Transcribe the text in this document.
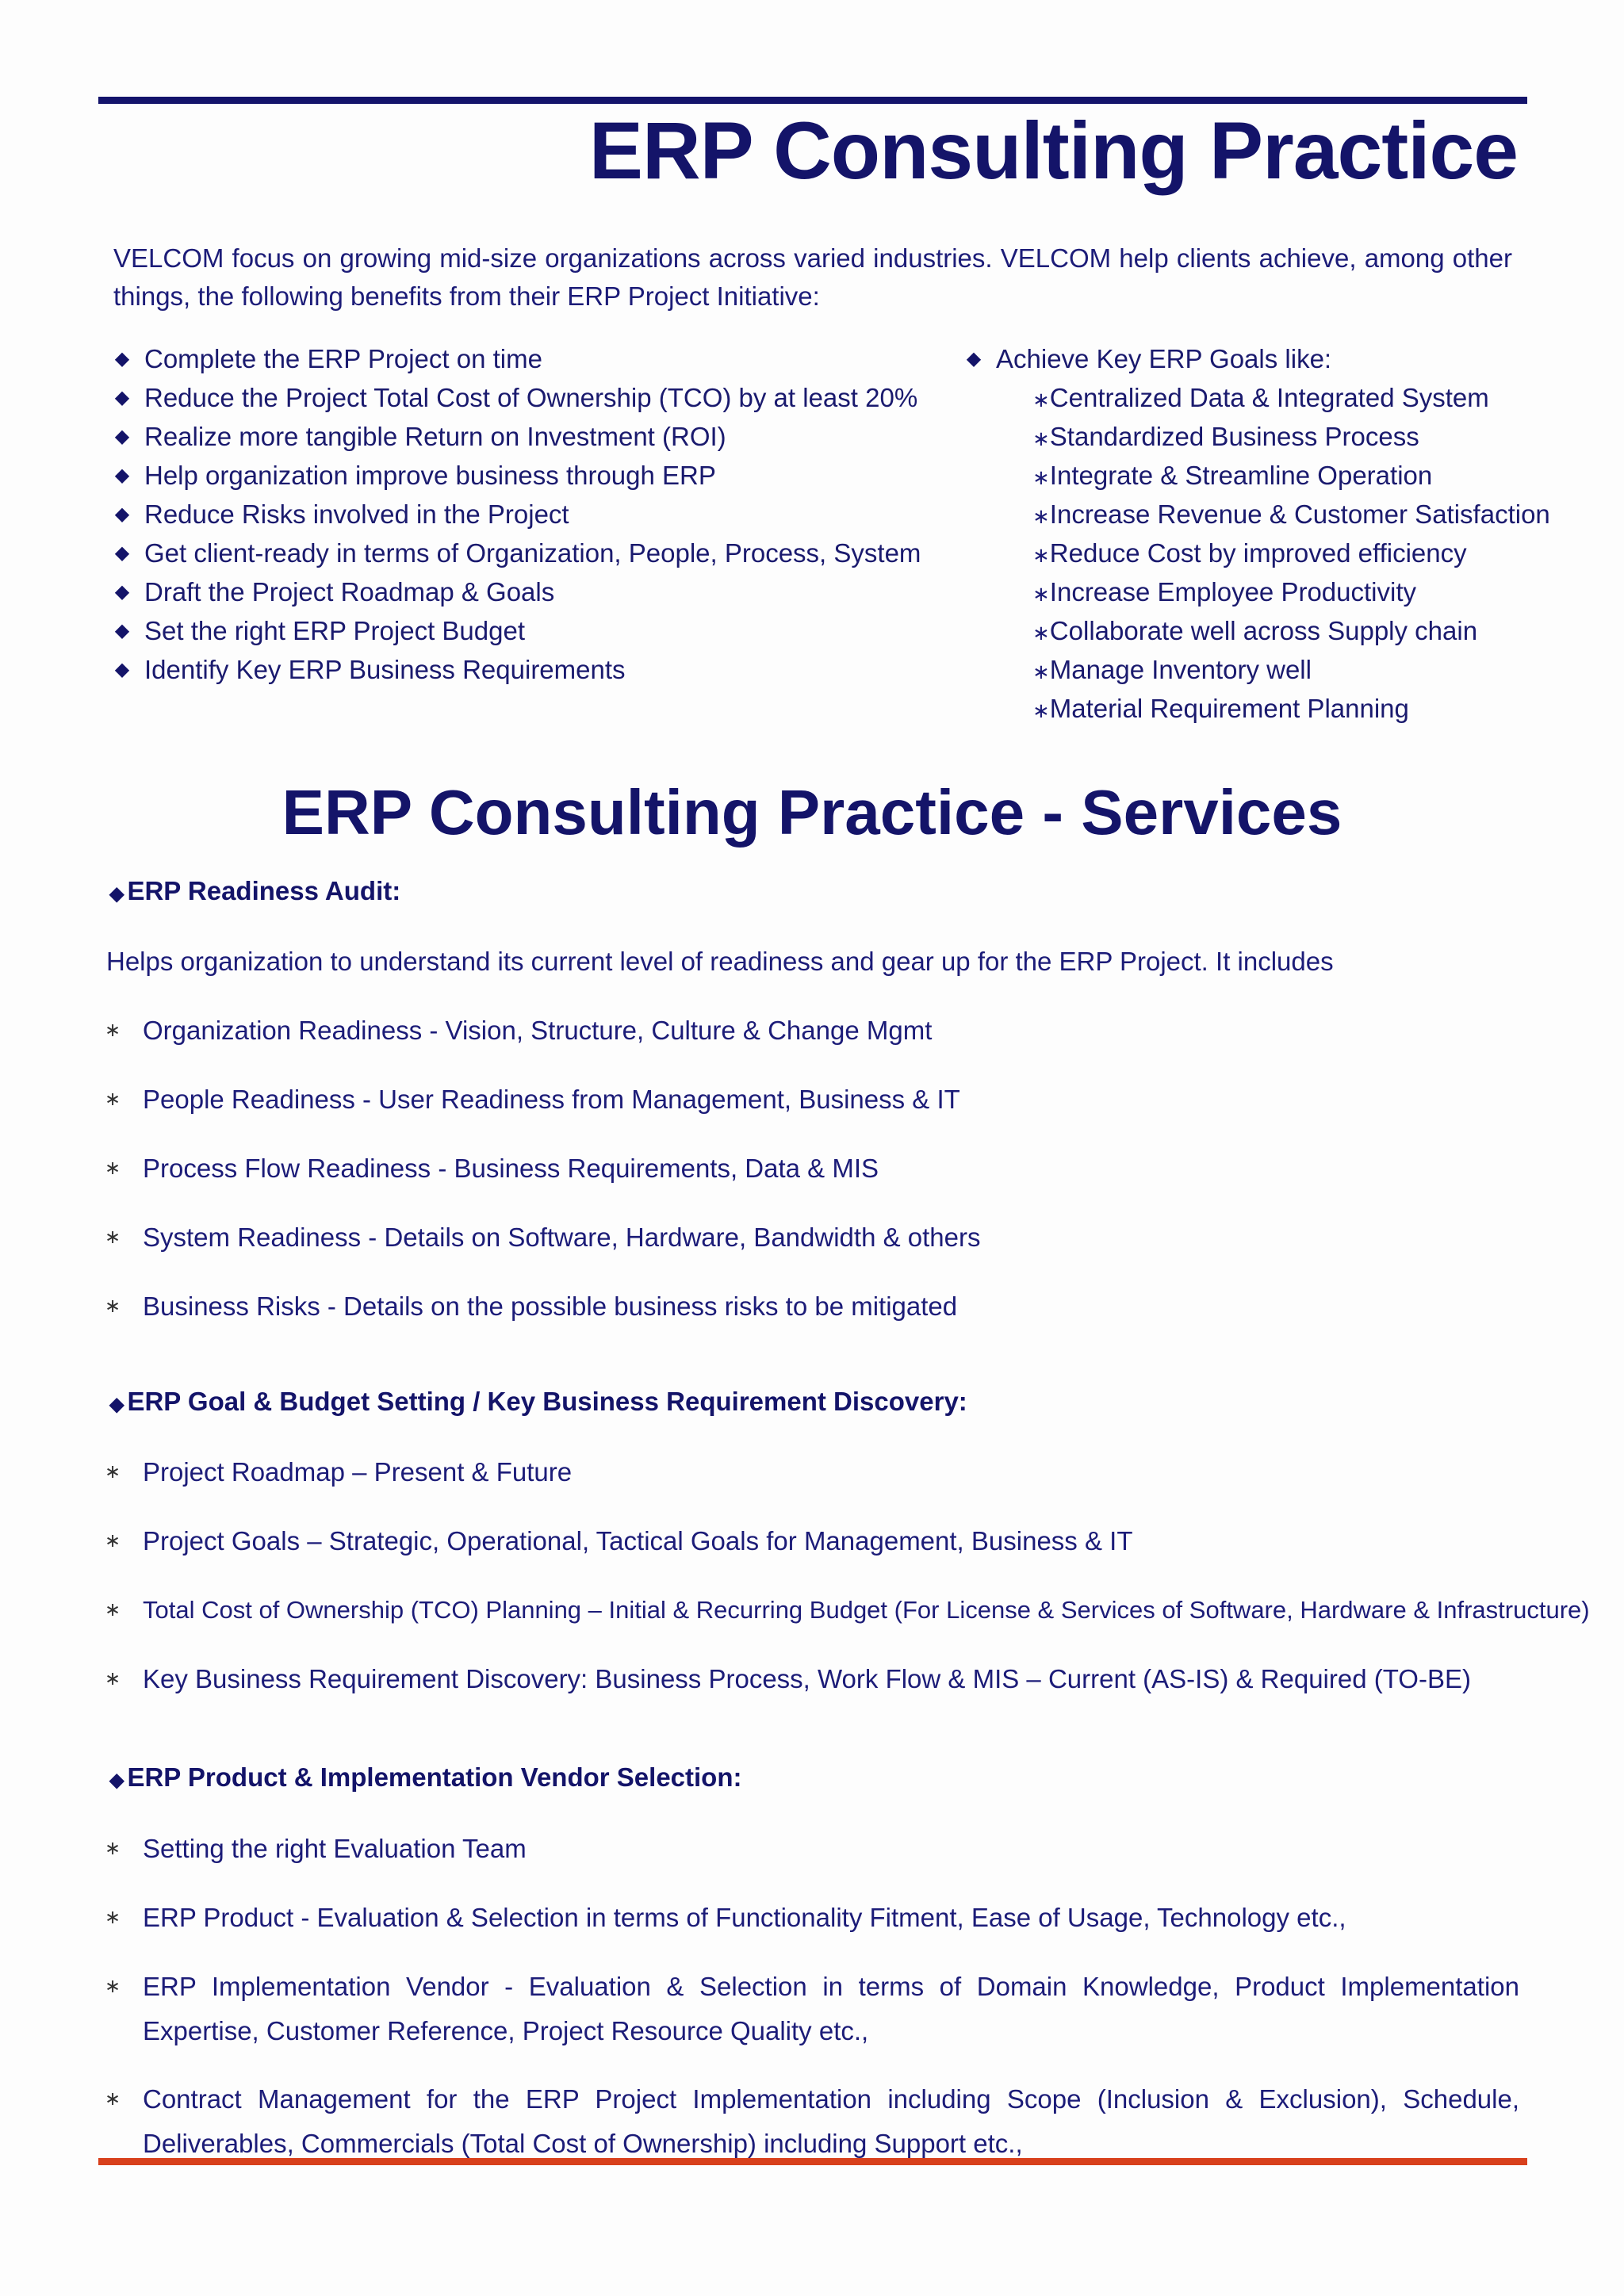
ERP Consulting Practice

VELCOM focus on growing mid-size organizations across varied industries. VELCOM help clients achieve, among other things, the following benefits from their ERP Project Initiative:

◆ Complete the ERP Project on time
◆ Reduce the Project Total Cost of Ownership (TCO) by at least 20%
◆ Realize more tangible Return on Investment (ROI)
◆ Help organization improve business through ERP
◆ Reduce Risks involved in the Project
◆ Get client-ready in terms of Organization, People, Process, System
◆ Draft the Project Roadmap & Goals
◆ Set the right ERP Project Budget
◆ Identify Key ERP Business Requirements
◆ Achieve Key ERP Goals like:
∗Centralized Data & Integrated System
∗Standardized Business Process
∗Integrate & Streamline Operation
∗Increase Revenue & Customer Satisfaction
∗Reduce Cost by improved efficiency
∗Increase Employee Productivity
∗Collaborate well across Supply chain
∗Manage Inventory well
∗Material Requirement Planning
ERP Consulting Practice - Services
◆ ERP Readiness Audit:

Helps organization to understand its current level of readiness and gear up for the ERP Project. It includes

∗ Organization Readiness - Vision, Structure, Culture & Change Mgmt
∗ People Readiness - User Readiness from Management, Business & IT
∗ Process Flow Readiness - Business Requirements, Data & MIS
∗ System Readiness - Details on Software, Hardware, Bandwidth & others
∗ Business Risks - Details on the possible business risks to be mitigated
◆ ERP Goal & Budget Setting / Key Business Requirement Discovery:
∗ Project Roadmap – Present & Future
∗ Project Goals – Strategic, Operational, Tactical Goals for Management, Business & IT
∗ Total Cost of Ownership (TCO) Planning – Initial & Recurring Budget (For License & Services of Software, Hardware & Infrastructure)
∗ Key Business Requirement Discovery: Business Process, Work Flow & MIS – Current (AS-IS) & Required (TO-BE)
◆ ERP Product & Implementation Vendor Selection:
∗ Setting the right Evaluation Team
∗ ERP Product - Evaluation & Selection in terms of Functionality Fitment, Ease of Usage, Technology etc.,
∗ ERP Implementation Vendor - Evaluation & Selection in terms of Domain Knowledge, Product Implementation Expertise, Customer Reference, Project Resource Quality etc.,
∗ Contract Management for the ERP Project Implementation including Scope (Inclusion & Exclusion), Schedule, Deliverables, Commercials (Total Cost of Ownership) including Support etc.,
